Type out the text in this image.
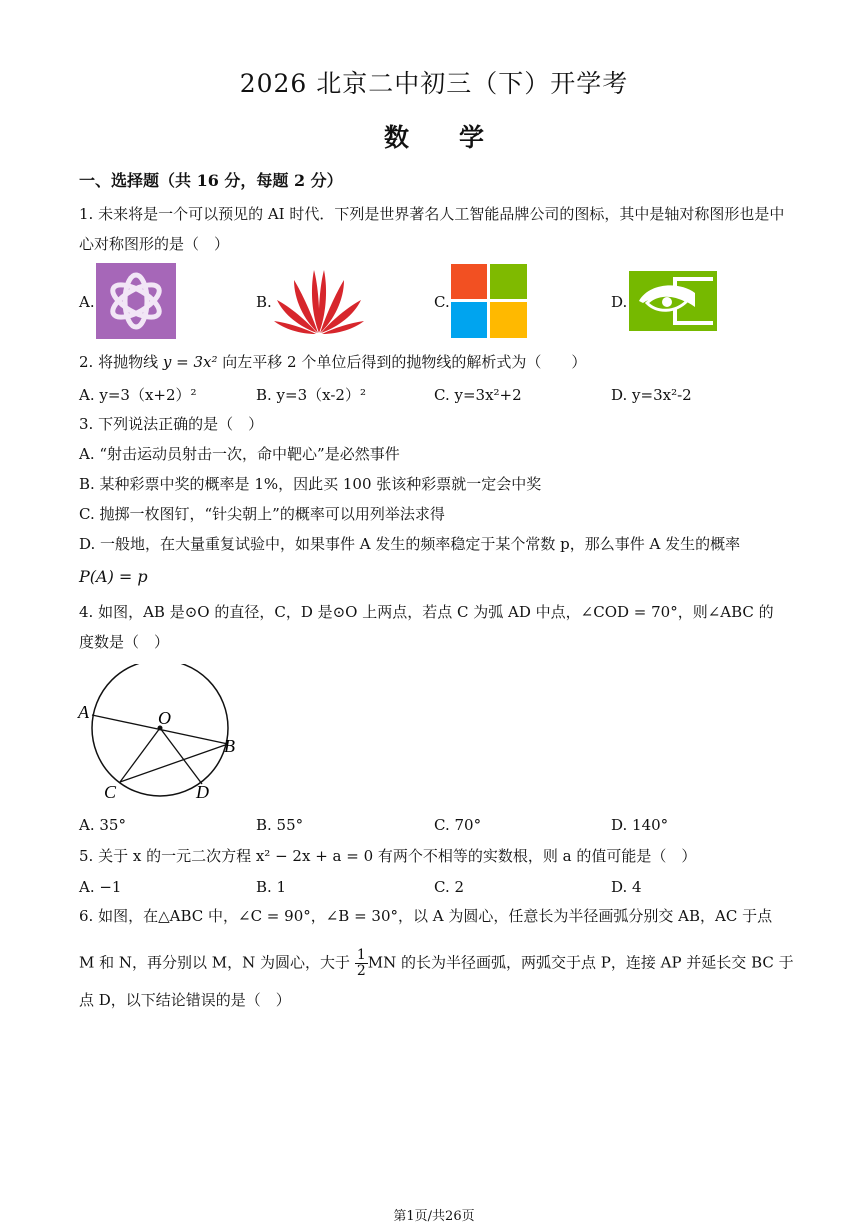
2026 北京二中初三（下）开学考
数　　学
一、选择题（共 16 分，每题 2 分）
1. 未来将是一个可以预见的 AI 时代．下列是世界著名人工智能品牌公司的图标，其中是轴对称图形也是中
心对称图形的是（　）
A.	B.	C.	D.
2. 将抛物线 y = 3x² 向左平移 2 个单位后得到的抛物线的解析式为（　　）
A. y=3（x+2）²	B. y=3（x-2）²	C. y=3x²+2	D. y=3x²-2
3. 下列说法正确的是（　）
A. “射击运动员射击一次，命中靶心”是必然事件
B. 某种彩票中奖的概率是 1%，因此买 100 张该种彩票就一定会中奖
C. 抛掷一枚图钉，“针尖朝上”的概率可以用列举法求得
D. 一般地，在大量重复试验中，如果事件 A 发生的频率稳定于某个常数 p，那么事件 A 发生的概率
P(A) = p
4. 如图，AB 是⊙O 的直径，C，D 是⊙O 上两点，若点 C 为弧 AD 中点，∠COD = 70°，则∠ABC 的
度数是（　）
A	O
B
C	D
A. 35°	B. 55°	C. 70°	D. 140°
5. 关于 x 的一元二次方程 x² − 2x + a = 0 有两个不相等的实数根，则 a 的值可能是（　）
A. −1	B. 1	C. 2	D. 4
6. 如图，在△ABC 中，∠C = 90°，∠B = 30°，以 A 为圆心，任意长为半径画弧分别交 AB，AC 于点
M 和 N，再分别以 M，N 为圆心，大于 $\frac{1}{2}$ MN 的长为半径画弧，两弧交于点 P，连接 AP 并延长交 BC 于
点 D，以下结论错误的是（　）
第1页/共26页
